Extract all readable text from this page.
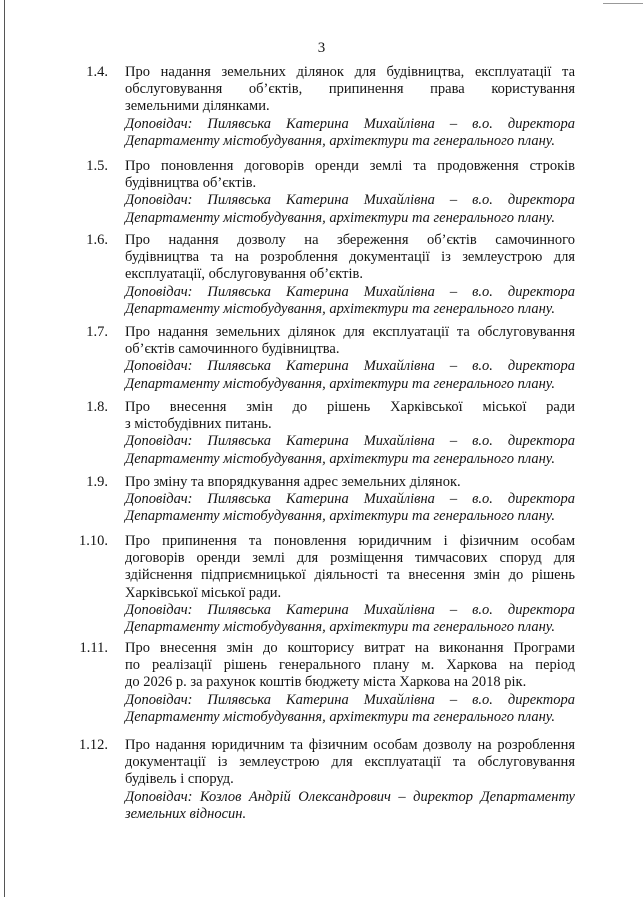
3
1.4. Про надання земельних ділянок для будівництва, експлуатації та

обслуговування об’єктів, припинення права користування

земельними ділянками.

Доповідач: Пилявська Катерина Михайлівна – в.о. директора

Департаменту містобудування, архітектури та генерального плану.

1.5. Про поновлення договорів оренди землі та продовження строків

будівництва об’єктів.

Доповідач: Пилявська Катерина Михайлівна – в.о. директора

Департаменту містобудування, архітектури та генерального плану.

1.6. Про надання дозволу на збереження об’єктів самочинного

будівництва та на розроблення документації із землеустрою для

експлуатації, обслуговування об’єктів.

Доповідач: Пилявська Катерина Михайлівна – в.о. директора

Департаменту містобудування, архітектури та генерального плану.

1.7. Про надання земельних ділянок для експлуатації та обслуговування

об’єктів самочинного будівництва.

Доповідач: Пилявська Катерина Михайлівна – в.о. директора

Департаменту містобудування, архітектури та генерального плану.

1.8. Про внесення змін до рішень Харківської міської ради

з містобудівних питань.

Доповідач: Пилявська Катерина Михайлівна – в.о. директора

Департаменту містобудування, архітектури та генерального плану.

1.9. Про зміну та впорядкування адрес земельних ділянок.

Доповідач: Пилявська Катерина Михайлівна – в.о. директора

Департаменту містобудування, архітектури та генерального плану.

1.10. Про припинення та поновлення юридичним і фізичним особам

договорів оренди землі для розміщення тимчасових споруд для

здійснення підприємницької діяльності та внесення змін до рішень

Харківської міської ради.

Доповідач: Пилявська Катерина Михайлівна – в.о. директора

Департаменту містобудування, архітектури та генерального плану.

1.11. Про внесення змін до кошторису витрат на виконання Програми

по реалізації рішень генерального плану м. Харкова на період

до 2026 р. за рахунок коштів бюджету міста Харкова на 2018 рік.

Доповідач: Пилявська Катерина Михайлівна – в.о. директора

Департаменту містобудування, архітектури та генерального плану.

1.12. Про надання юридичним та фізичним особам дозволу на розроблення

документації із землеустрою для експлуатації та обслуговування

будівель і споруд.

Доповідач: Козлов Андрій Олександрович – директор Департаменту

земельних відносин.
